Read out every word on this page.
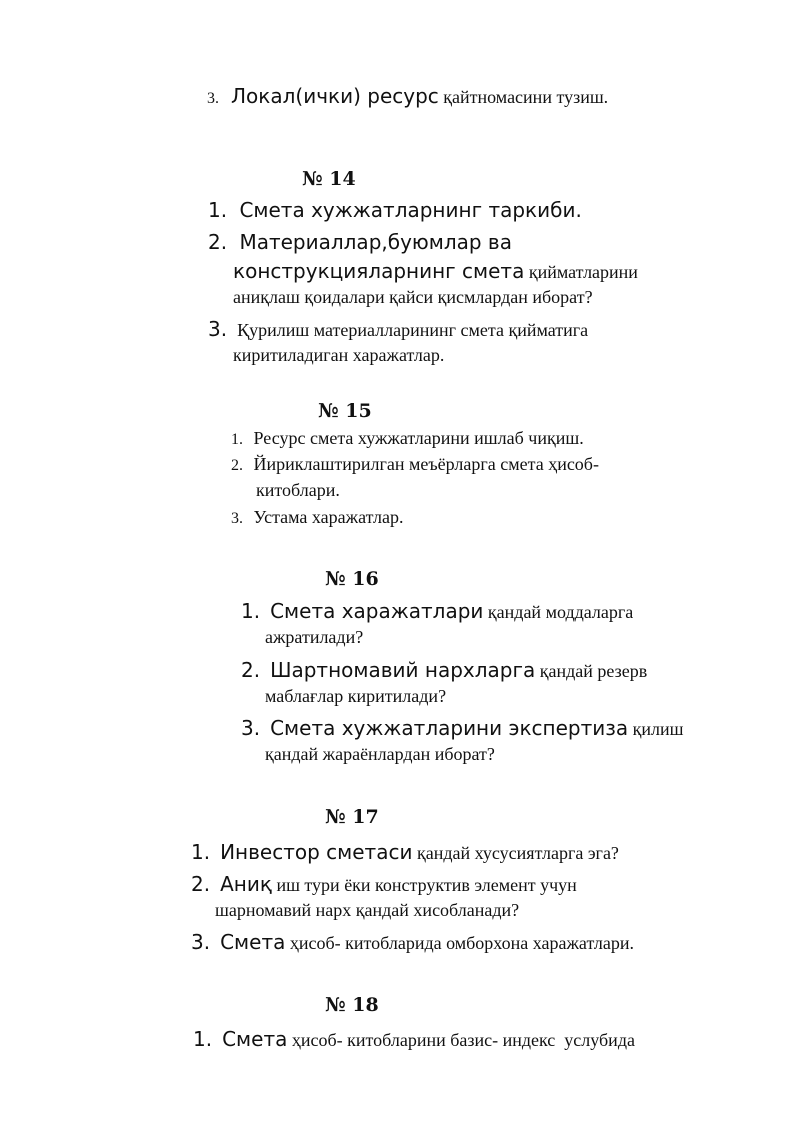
3. Локал(ички) ресурс қайтномасини тузиш.
№ 14
1. Смета хужжатларнинг таркиби.
2. Материаллар,буюмлар ва
конструкцияларнинг смета қийматларини
аниқлаш қоидалари қайси қисмлардан иборат?
3. Қурилиш материалларининг смета қийматига
киритиладиган харажатлар.
№ 15
1. Ресурс смета хужжатларини ишлаб чиқиш.
2. Йириклаштирилган меъёрларга смета ҳисоб-
китоблари.
3. Устама харажатлар.
№ 16
1. Смета харажатлари қандай моддаларга
ажратилади?
2. Шартномавий нархларга қандай резерв
маблағлар киритилади?
3. Смета хужжатларини экспертиза қилиш
қандай жараёнлардан иборат?
№ 17
1. Инвестор сметаси қандай хусусиятларга эга?
2. Аниқ иш тури ёки конструктив элемент учун
шарномавий нарх қандай хисобланади?
3. Смета ҳисоб- китобларида омборхона харажатлари.
№ 18
1. Смета ҳисоб- китобларини базис- индекс  услубида
